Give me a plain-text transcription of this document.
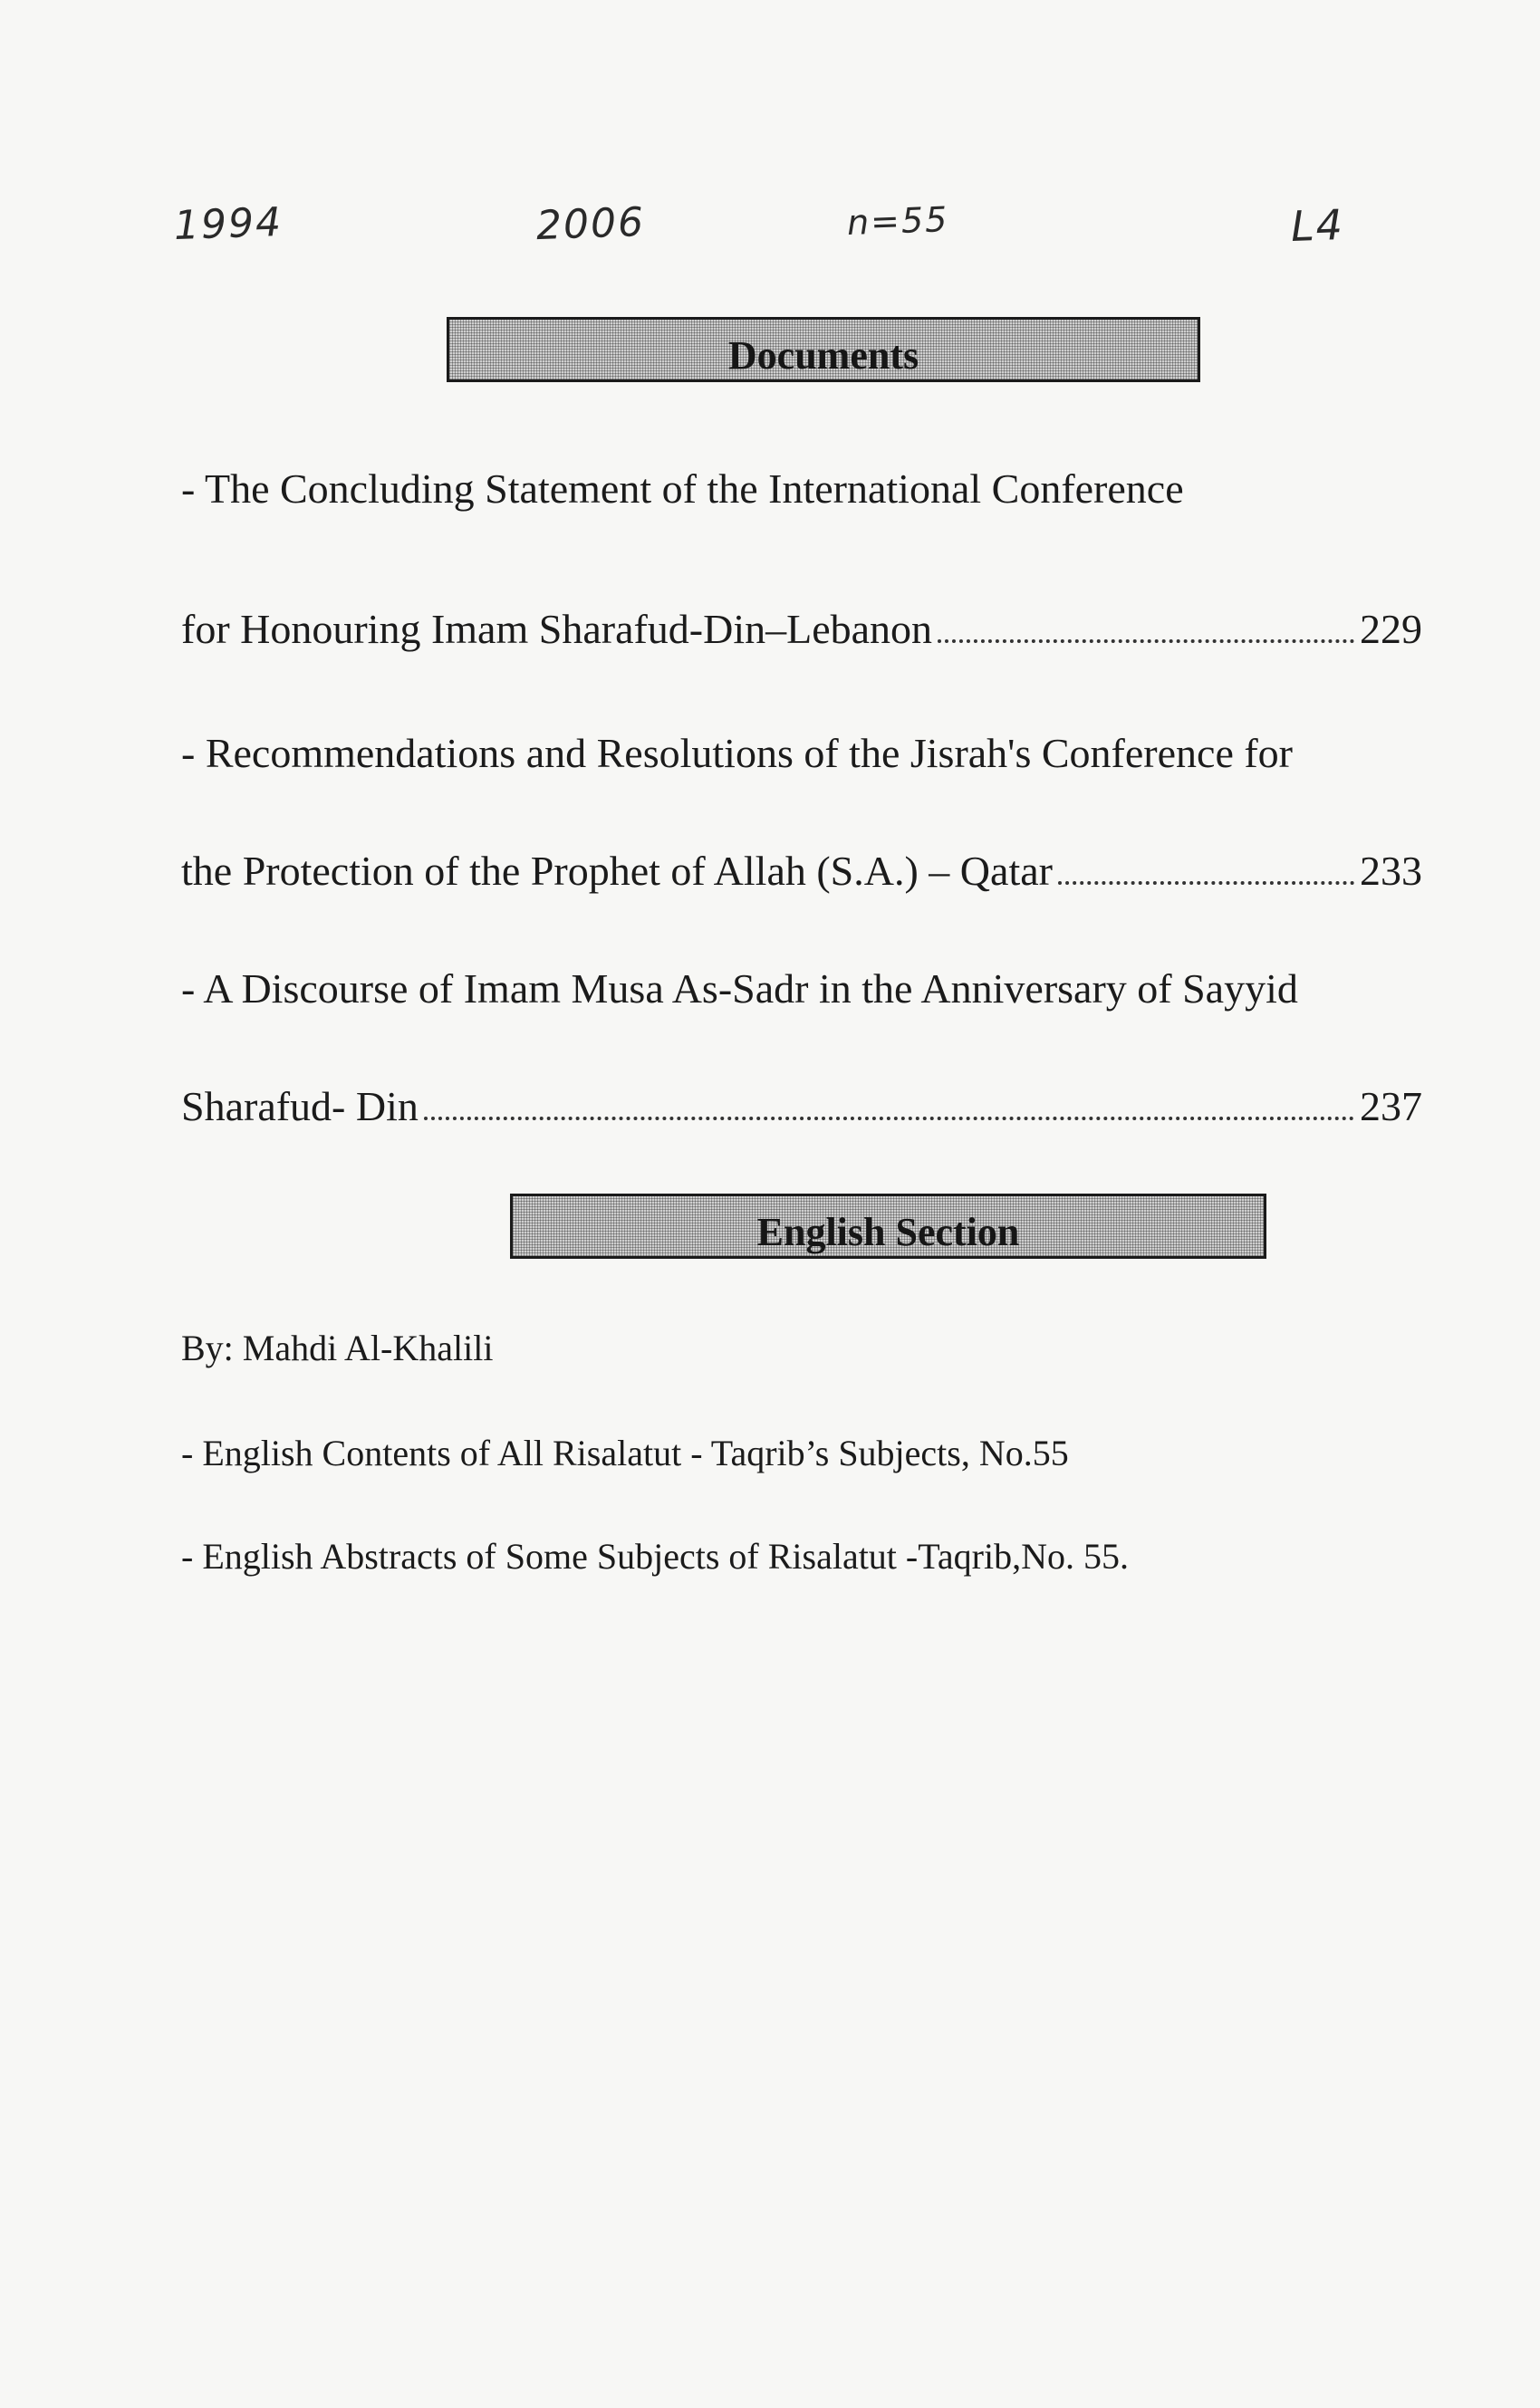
1994	2006	n=55	L4
Documents
- The Concluding Statement of the International Conference
for Honouring Imam Sharafud-Din–Lebanon	229
- Recommendations and Resolutions of the Jisrah's Conference for
the Protection of the Prophet of Allah (S.A.) – Qatar	233
- A Discourse of Imam Musa As-Sadr in the Anniversary of Sayyid
Sharafud- Din	237
English Section
By: Mahdi Al-Khalili
- English Contents of All Risalatut - Taqrib’s Subjects, No.55
- English Abstracts of Some Subjects of Risalatut -Taqrib,No. 55.
